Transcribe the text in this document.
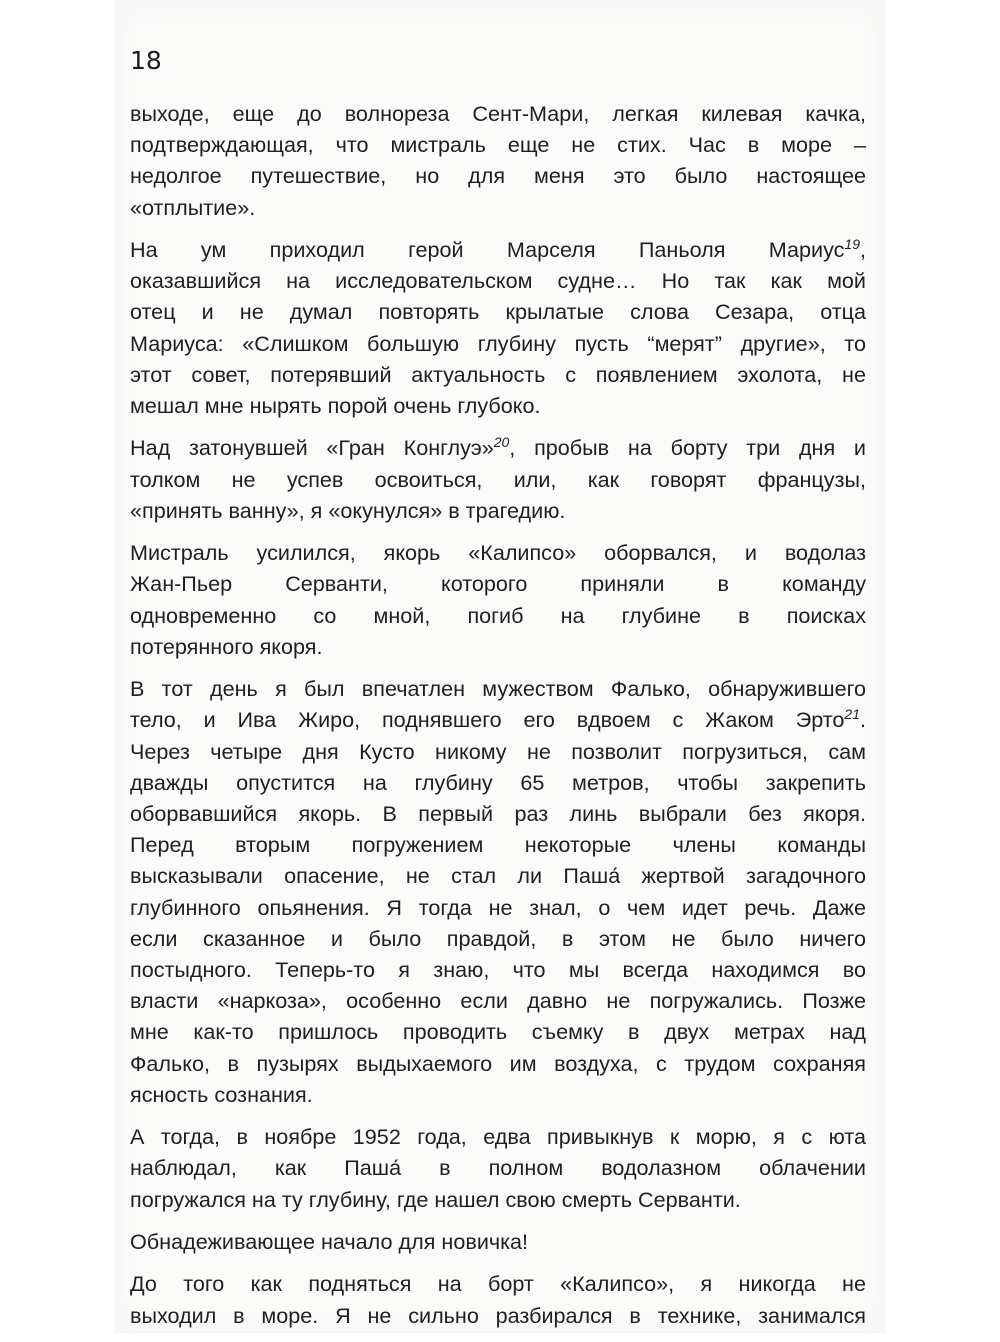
18
выходе, еще до волнореза Сент-Мари, легкая килевая качка,
подтверждающая, что мистраль еще не стих. Час в море –
недолгое путешествие, но для меня это было настоящее
«отплытие».
На ум приходил герой Марселя Паньоля Мариус$^{19}$,
оказавшийся на исследовательском судне… Но так как мой
отец и не думал повторять крылатые слова Сезара, отца
Мариуса: «Слишком большую глубину пусть “мерят” другие», то
этот совет, потерявший актуальность с появлением эхолота, не
мешал мне нырять порой очень глубоко.
Над затонувшей «Гран Конглуэ»$^{20}$, пробыв на борту три дня и
толком не успев освоиться, или, как говорят французы,
«принять ванну», я «окунулся» в трагедию.
Мистраль усилился, якорь «Калипсо» оборвался, и водолаз
Жан-Пьер Серванти, которого приняли в команду
одновременно со мной, погиб на глубине в поисках
потерянного якоря.
В тот день я был впечатлен мужеством Фалько, обнаружившего
тело, и Ива Жиро, поднявшего его вдвоем с Жаком Эрто$^{21}$.
Через четыре дня Кусто никому не позволит погрузиться, сам
дважды опустится на глубину 65 метров, чтобы закрепить
оборвавшийся якорь. В первый раз линь выбрали без якоря.
Перед вторым погружением некоторые члены команды
высказывали опасение, не стал ли Паша́ жертвой загадочного
глубинного опьянения. Я тогда не знал, о чем идет речь. Даже
если сказанное и было правдой, в этом не было ничего
постыдного. Теперь-то я знаю, что мы всегда находимся во
власти «наркоза», особенно если давно не погружались. Позже
мне как-то пришлось проводить съемку в двух метрах над
Фалько, в пузырях выдыхаемого им воздуха, с трудом сохраняя
ясность сознания.
А тогда, в ноябре 1952 года, едва привыкнув к морю, я с юта
наблюдал, как Паша́ в полном водолазном облачении
погружался на ту глубину, где нашел свою смерть Серванти.
Обнадеживающее начало для новичка!
До того как подняться на борт «Калипсо», я никогда не
выходил в море. Я не сильно разбирался в технике, занимался
